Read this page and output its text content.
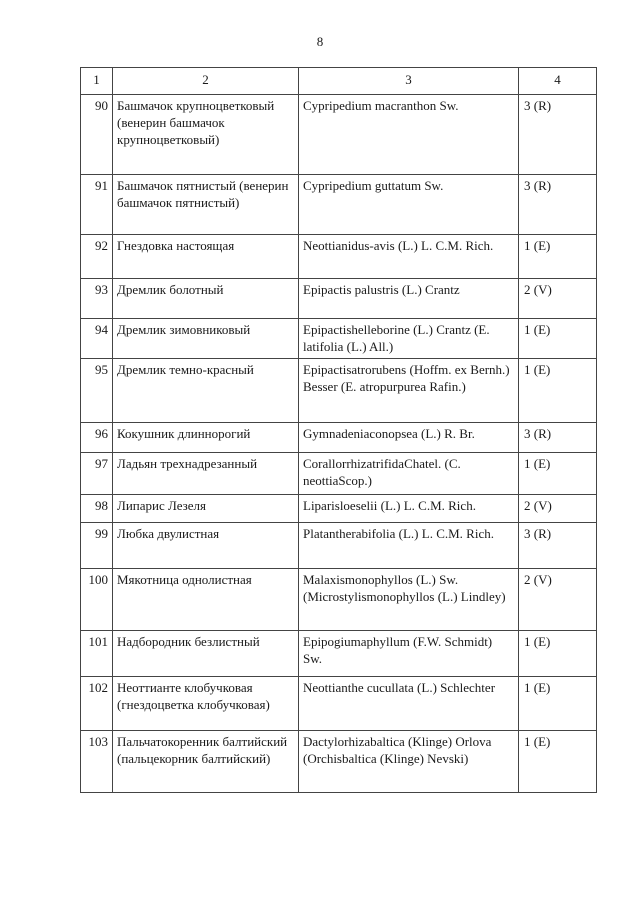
8
1	2	3	4
90	Башмачок крупноцветковый (венерин башмачок крупноцветковый)	Cypripedium macranthon Sw.	3 (R)
91	Башмачок пятнистый (венерин башмачок пятнистый)	Cypripedium guttatum Sw.	3 (R)
92	Гнездовка настоящая	Neottianidus-avis (L.) L. C.M. Rich.	1 (E)
93	Дремлик болотный	Epipactis palustris (L.) Crantz	2 (V)
94	Дремлик зимовниковый	Epipactishelleborine (L.) Crantz (E. latifolia (L.) All.)	1 (E)
95	Дремлик темно-красный	Epipactisatrorubens (Hoffm. ex Bernh.) Besser (E. atropurpurea Rafin.)	1 (E)
96	Кокушник длиннорогий	Gymnadeniaconopsea (L.) R. Br.	3 (R)
97	Ладьян трехнадрезанный	CorallorrhizatrifidaChatel. (C. neottiaScop.)	1 (E)
98	Липарис Лезеля	Liparisloeselii (L.) L. C.M. Rich.	2 (V)
99	Любка двулистная	Platantherabifolia (L.) L. C.M. Rich.	3 (R)
100	Мякотница однолистная	Malaxismonophyllos (L.) Sw. (Microstylismonophyllos (L.) Lindley)	2 (V)
101	Надбородник безлистный	Epipogiumaphyllum (F.W. Schmidt) Sw.	1 (E)
102	Неоттианте клобучковая (гнездоцветка клобучковая)	Neottianthe cucullata (L.) Schlechter	1 (E)
103	Пальчатокоренник балтийский (пальцекорник балтийский)	Dactylorhizabaltica (Klinge) Orlova (Orchisbaltica (Klinge) Nevski)	1 (E)
